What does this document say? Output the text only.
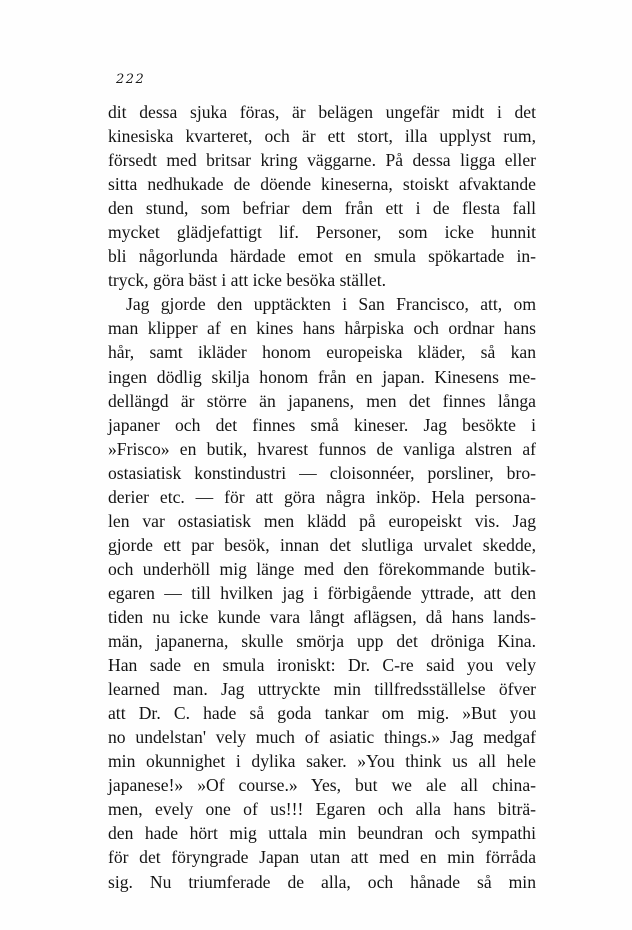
222
dit dessa sjuka föras, är belägen ungefär midt i det
kinesiska kvarteret, och är ett stort, illa upplyst rum,
försedt med britsar kring väggarne. På dessa ligga eller
sitta nedhukade de döende kineserna, stoiskt afvaktande
den stund, som befriar dem från ett i de flesta fall
mycket glädjefattigt lif. Personer, som icke hunnit
bli någorlunda härdade emot en smula spökartade in-
tryck, göra bäst i att icke besöka stället.
Jag gjorde den upptäckten i San Francisco, att, om
man klipper af en kines hans hårpiska och ordnar hans
hår, samt ikläder honom europeiska kläder, så kan
ingen dödlig skilja honom från en japan. Kinesens me-
dellängd är större än japanens, men det finnes långa
japaner och det finnes små kineser. Jag besökte i
»Frisco» en butik, hvarest funnos de vanliga alstren af
ostasiatisk konstindustri — cloisonnéer, porsliner, bro-
derier etc. — för att göra några inköp. Hela persona-
len var ostasiatisk men klädd på europeiskt vis. Jag
gjorde ett par besök, innan det slutliga urvalet skedde,
och underhöll mig länge med den förekommande butik-
egaren — till hvilken jag i förbigående yttrade, att den
tiden nu icke kunde vara långt aflägsen, då hans lands-
män, japanerna, skulle smörja upp det dröniga Kina.
Han sade en smula ironiskt: Dr. C-re said you vely
learned man. Jag uttryckte min tillfredsställelse öfver
att Dr. C. hade så goda tankar om mig. »But you
no undelstan' vely much of asiatic things.» Jag medgaf
min okunnighet i dylika saker. »You think us all hele
japanese!» »Of course.» Yes, but we ale all china-
men, evely one of us!!! Egaren och alla hans biträ-
den hade hört mig uttala min beundran och sympathi
för det föryngrade Japan utan att med en min förråda
sig. Nu triumferade de alla, och hånade så min
